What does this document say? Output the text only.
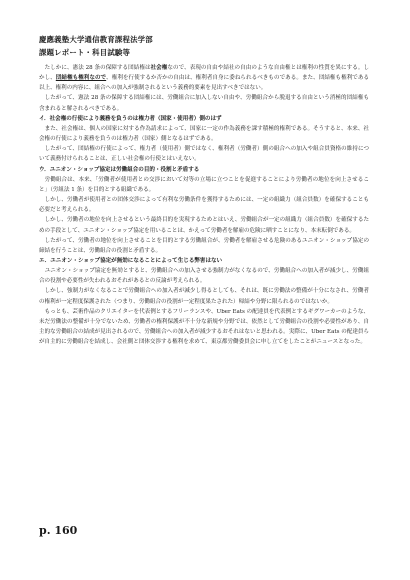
慶應義塾大学通信教育課程法学部
課題レポート・科目試験等

たしかに、憲法 28 条の保障する団結権は社会権なので、表現の自由や結社の自由のような自由権とは権利の性質を異にする。しかし、団結権も権利なので、権利を行使するか否かの自由は、権利者自身に委ねられるべきものである。また、団結権も権利である以上、権利の内容に、組合への加入が強制されるという義務的要素を見出すべきではない。

したがって、憲法 28 条の保障する団結権には、労働組合に加入しない自由や、労働組合から脱退する自由という消極的団結権も含まれると解されるべきである。

イ．社会権の行使により義務を負うのは権力者（国家・使用者）側のはず

また、社会権は、個人の国家に対する作為請求によって、国家に一定の作為義務を課す積極的権利である。そうすると、本来、社会権の行使により義務を負うのは権力者（国家）側となるはずである。

したがって、団結権の行使によって、権力者（使用者）側ではなく、権利者（労働者）側の組合への加入や組合員資格の維持について義務付けられることは、正しい社会権の行使とはいえない。

ウ．ユニオン・ショップ協定は労働組合の目的・役割と矛盾する

労働組合は、本来、「労働者が使用者との交渉において対等の立場に立つことを促進することにより労働者の地位を向上させること」（労組法 1 条）を目的とする組織である。

しかし、労働者が使用者との団体交渉によって有利な労働条件を獲得するためには、一定の組織力（組合員数）を確保することも必要だと考えられる。

しかし、労働者の地位を向上させるという最終目的を実現するためとはいえ、労働組合が一定の組織力（組合員数）を確保するための手段として、ユニオン・ショップ協定を用いることは、かえって労働者を解雇の危険に晒すことになり、本末転倒である。

したがって、労働者の地位を向上させることを目的とする労働組合が、労働者を解雇させる危険のあるユニオン・ショップ協定の締結を行うことは、労働組合の役割と矛盾する。

エ．ユニオン・ショップ協定が無効になることによって生じる弊害はない

ユニオン・ショップ協定を無効とすると、労働組合への加入させる強制力がなくなるので、労働組合への加入者が減少し、労働組合の役割や必要性が失われるおそれがあるとの反論が考えられる。

しかし、強制力がなくなることで労働組合への加入者が減少し得るとしても、それは、既に労働法の整備が十分になされ、労働者の権利が一定程度保護された（つまり、労働組合の役割が一定程度果たされた）帰結や分野に限られるのではないか。

もっとも、芸術作品のクリエイターを代表例とするフリーランスや、Uber Eats の配達員を代表例とするギグワーカーのような、未だ労働法の整備が十分でないため、労働者の権利保護が不十分な新規や分野では、依然として労働組合の役割や必要性があり、自主的な労働組合の結成が見出されるので、労働組合への加入者が減少するおそれはないと思われる。実際に、Uber Eats の配達員らが自主的に労働組合を結成し、会社側と団体交渉する権利を求めて、東京都労働委員会に申し立てをしたことがニュースとなった。

p. 160
